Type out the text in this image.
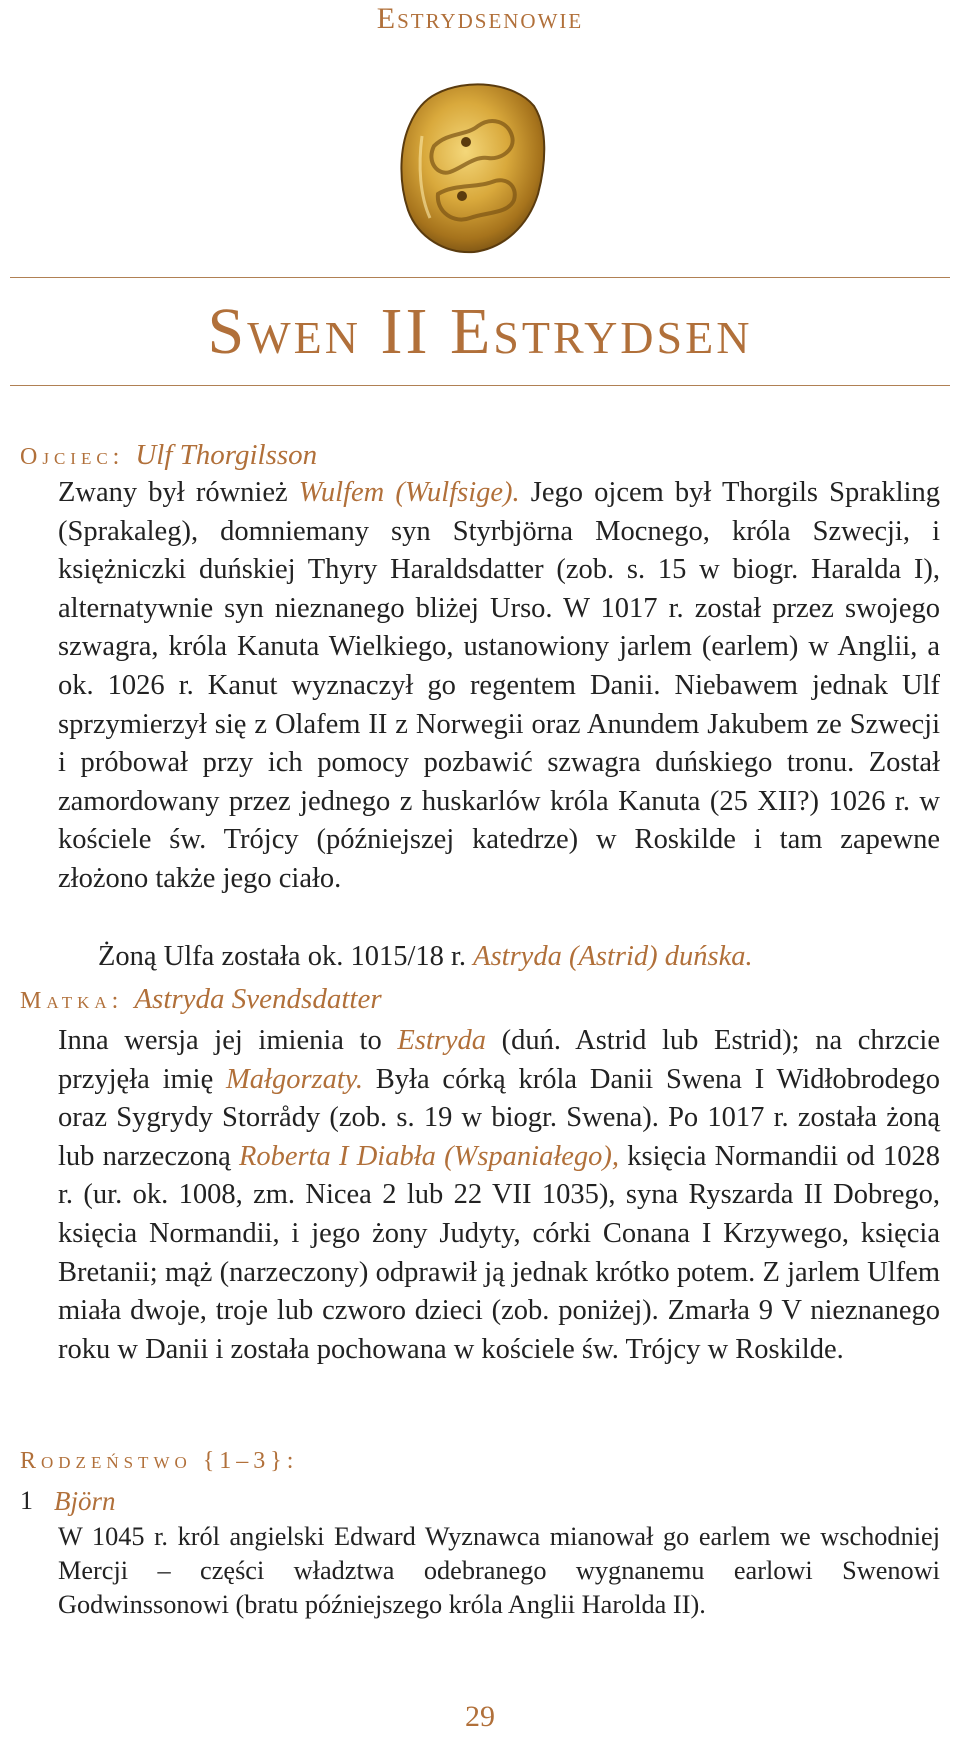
Estrydsenowie
Swen II Estrydsen
Ojciec: Ulf Thorgilsson
Zwany był również Wulfem (Wulfsige). Jego ojcem był Thorgils Sprakling (Sprakaleg), domniemany syn Styrbjörna Mocnego, króla Szwecji, i księżniczki duńskiej Thyry Haraldsdatter (zob. s. 15 w biogr. Haralda I), alternatywnie syn nieznanego bliżej Urso. W 1017 r. został przez swojego szwagra, króla Kanuta Wielkiego, ustanowiony jarlem (earlem) w Anglii, a ok. 1026 r. Kanut wyznaczył go regentem Danii. Niebawem jednak Ulf sprzymierzył się z Olafem II z Norwegii oraz Anundem Jakubem ze Szwecji i próbował przy ich pomocy pozbawić szwagra duńskiego tronu. Został zamordowany przez jednego z huskarlów króla Kanuta (25 XII?) 1026 r. w kościele św. Trójcy (późniejszej katedrze) w Roskilde i tam zapewne złożono także jego ciało.
Żoną Ulfa została ok. 1015/18 r. Astryda (Astrid) duńska.
Matka: Astryda Svendsdatter
Inna wersja jej imienia to Estryda (duń. Astrid lub Estrid); na chrzcie przyjęła imię Małgorzaty. Była córką króla Danii Swena I Widłobrodego oraz Sygrydy Storrådy (zob. s. 19 w biogr. Swena). Po 1017 r. została żoną lub narzeczoną Roberta I Diabła (Wspaniałego), księcia Normandii od 1028 r. (ur. ok. 1008, zm. Nicea 2 lub 22 VII 1035), syna Ryszarda II Dobrego, księcia Normandii, i jego żony Judyty, córki Conana I Krzywego, księcia Bretanii; mąż (narzeczony) odprawił ją jednak krótko potem. Z jarlem Ulfem miała dwoje, troje lub czworo dzieci (zob. poniżej). Zmarła 9 V nieznanego roku w Danii i została pochowana w kościele św. Trójcy w Roskilde.
Rodzeństwo {1–3}:
1 Björn
W 1045 r. król angielski Edward Wyznawca mianował go earlem we wschodniej Mercji – części władztwa odebranego wygnanemu earlowi Swenowi Godwinssonowi (bratu późniejszego króla Anglii Harolda II).
29
